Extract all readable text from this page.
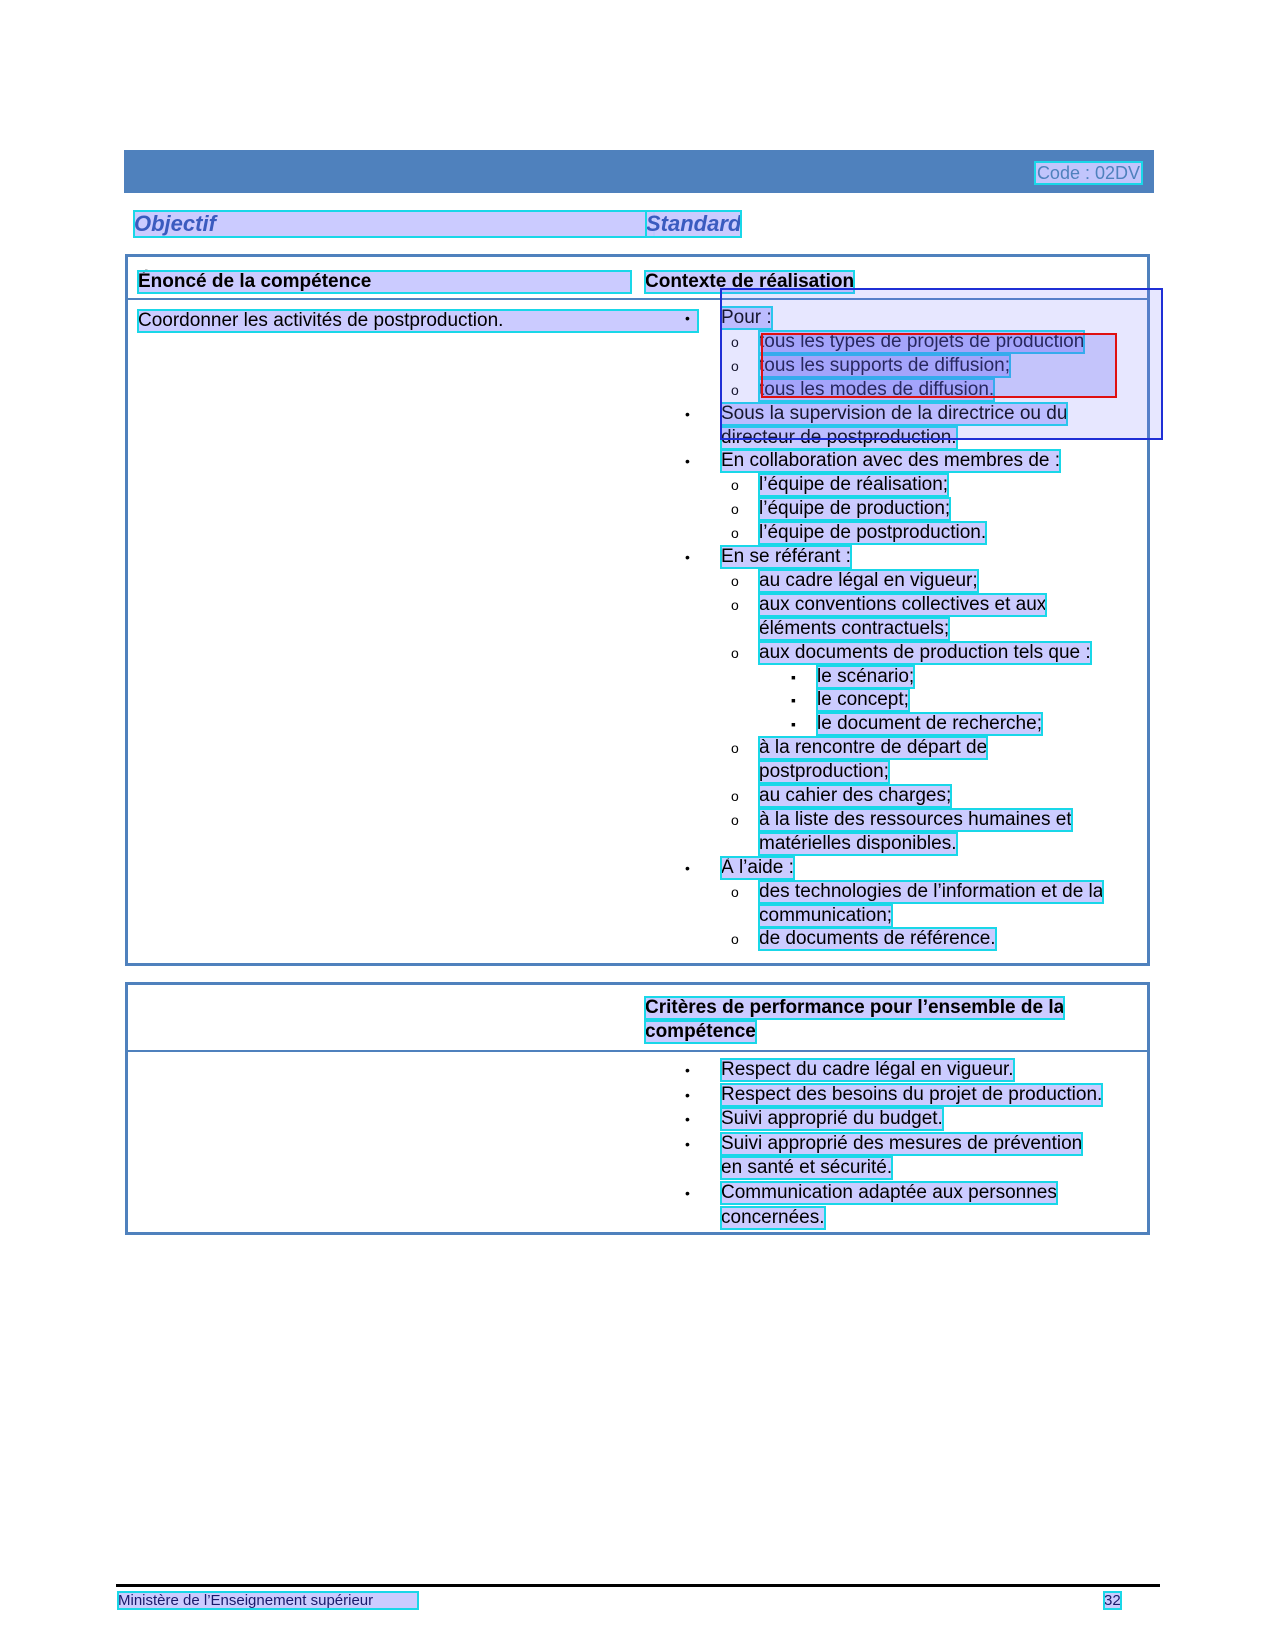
Code : 02DV
Objectif	Standard
Énoncé de la compétence	Contexte de réalisation
Coordonner les activités de postproduction.	• Pour :
o tous les types de projets de production
o tous les supports de diffusion;
o tous les modes de diffusion.
• Sous la supervision de la directrice ou du
directeur de postproduction.
• En collaboration avec des membres de :
o l’équipe de réalisation;
o l’équipe de production;
o l’équipe de postproduction.
• En se référant :
o au cadre légal en vigueur;
o aux conventions collectives et aux
éléments contractuels;
o aux documents de production tels que :
▪ le scénario;
▪ le concept;
▪ le document de recherche;
o à la rencontre de départ de
postproduction;
o au cahier des charges;
o à la liste des ressources humaines et
matérielles disponibles.
• À l’aide :
o des technologies de l’information et de la
communication;
o de documents de référence.
Critères de performance pour l’ensemble de la
compétence
• Respect du cadre légal en vigueur.
• Respect des besoins du projet de production.
• Suivi approprié du budget.
• Suivi approprié des mesures de prévention
en santé et sécurité.
• Communication adaptée aux personnes
concernées.
Ministère de l’Enseignement supérieur	32
